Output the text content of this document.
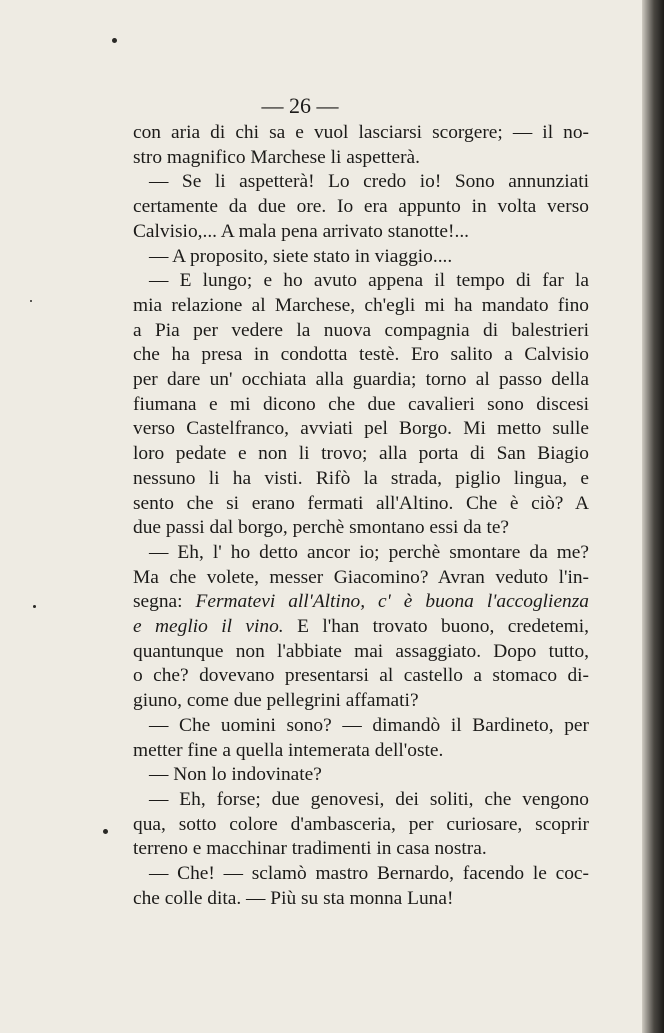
— 26 —
con aria di chi sa e vuol lasciarsi scorgere; — il no-
stro magnifico Marchese li aspetterà.
— Se li aspetterà! Lo credo io! Sono annunziati
certamente da due ore. Io era appunto in volta verso
Calvisio,... A mala pena arrivato stanotte!...
— A proposito, siete stato in viaggio....
— E lungo; e ho avuto appena il tempo di far la
mia relazione al Marchese, ch'egli mi ha mandato fino
a Pia per vedere la nuova compagnia di balestrieri
che ha presa in condotta testè. Ero salito a Calvisio
per dare un' occhiata alla guardia; torno al passo della
fiumana e mi dicono che due cavalieri sono discesi
verso Castelfranco, avviati pel Borgo. Mi metto sulle
loro pedate e non li trovo; alla porta di San Biagio
nessuno li ha visti. Rifò la strada, piglio lingua, e
sento che si erano fermati all'Altino. Che è ciò? A
due passi dal borgo, perchè smontano essi da te?
— Eh, l' ho detto ancor io; perchè smontare da me?
Ma che volete, messer Giacomino? Avran veduto l'in-
segna: Fermatevi all'Altino, c' è buona l'accoglienza
e meglio il vino. E l'han trovato buono, credetemi,
quantunque non l'abbiate mai assaggiato. Dopo tutto,
o che? dovevano presentarsi al castello a stomaco di-
giuno, come due pellegrini affamati?
— Che uomini sono? — dimandò il Bardineto, per
metter fine a quella intemerata dell'oste.
— Non lo indovinate?
— Eh, forse; due genovesi, dei soliti, che vengono
qua, sotto colore d'ambasceria, per curiosare, scoprir
terreno e macchinar tradimenti in casa nostra.
— Che! — sclamò mastro Bernardo, facendo le coc-
che colle dita. — Più su sta monna Luna!
